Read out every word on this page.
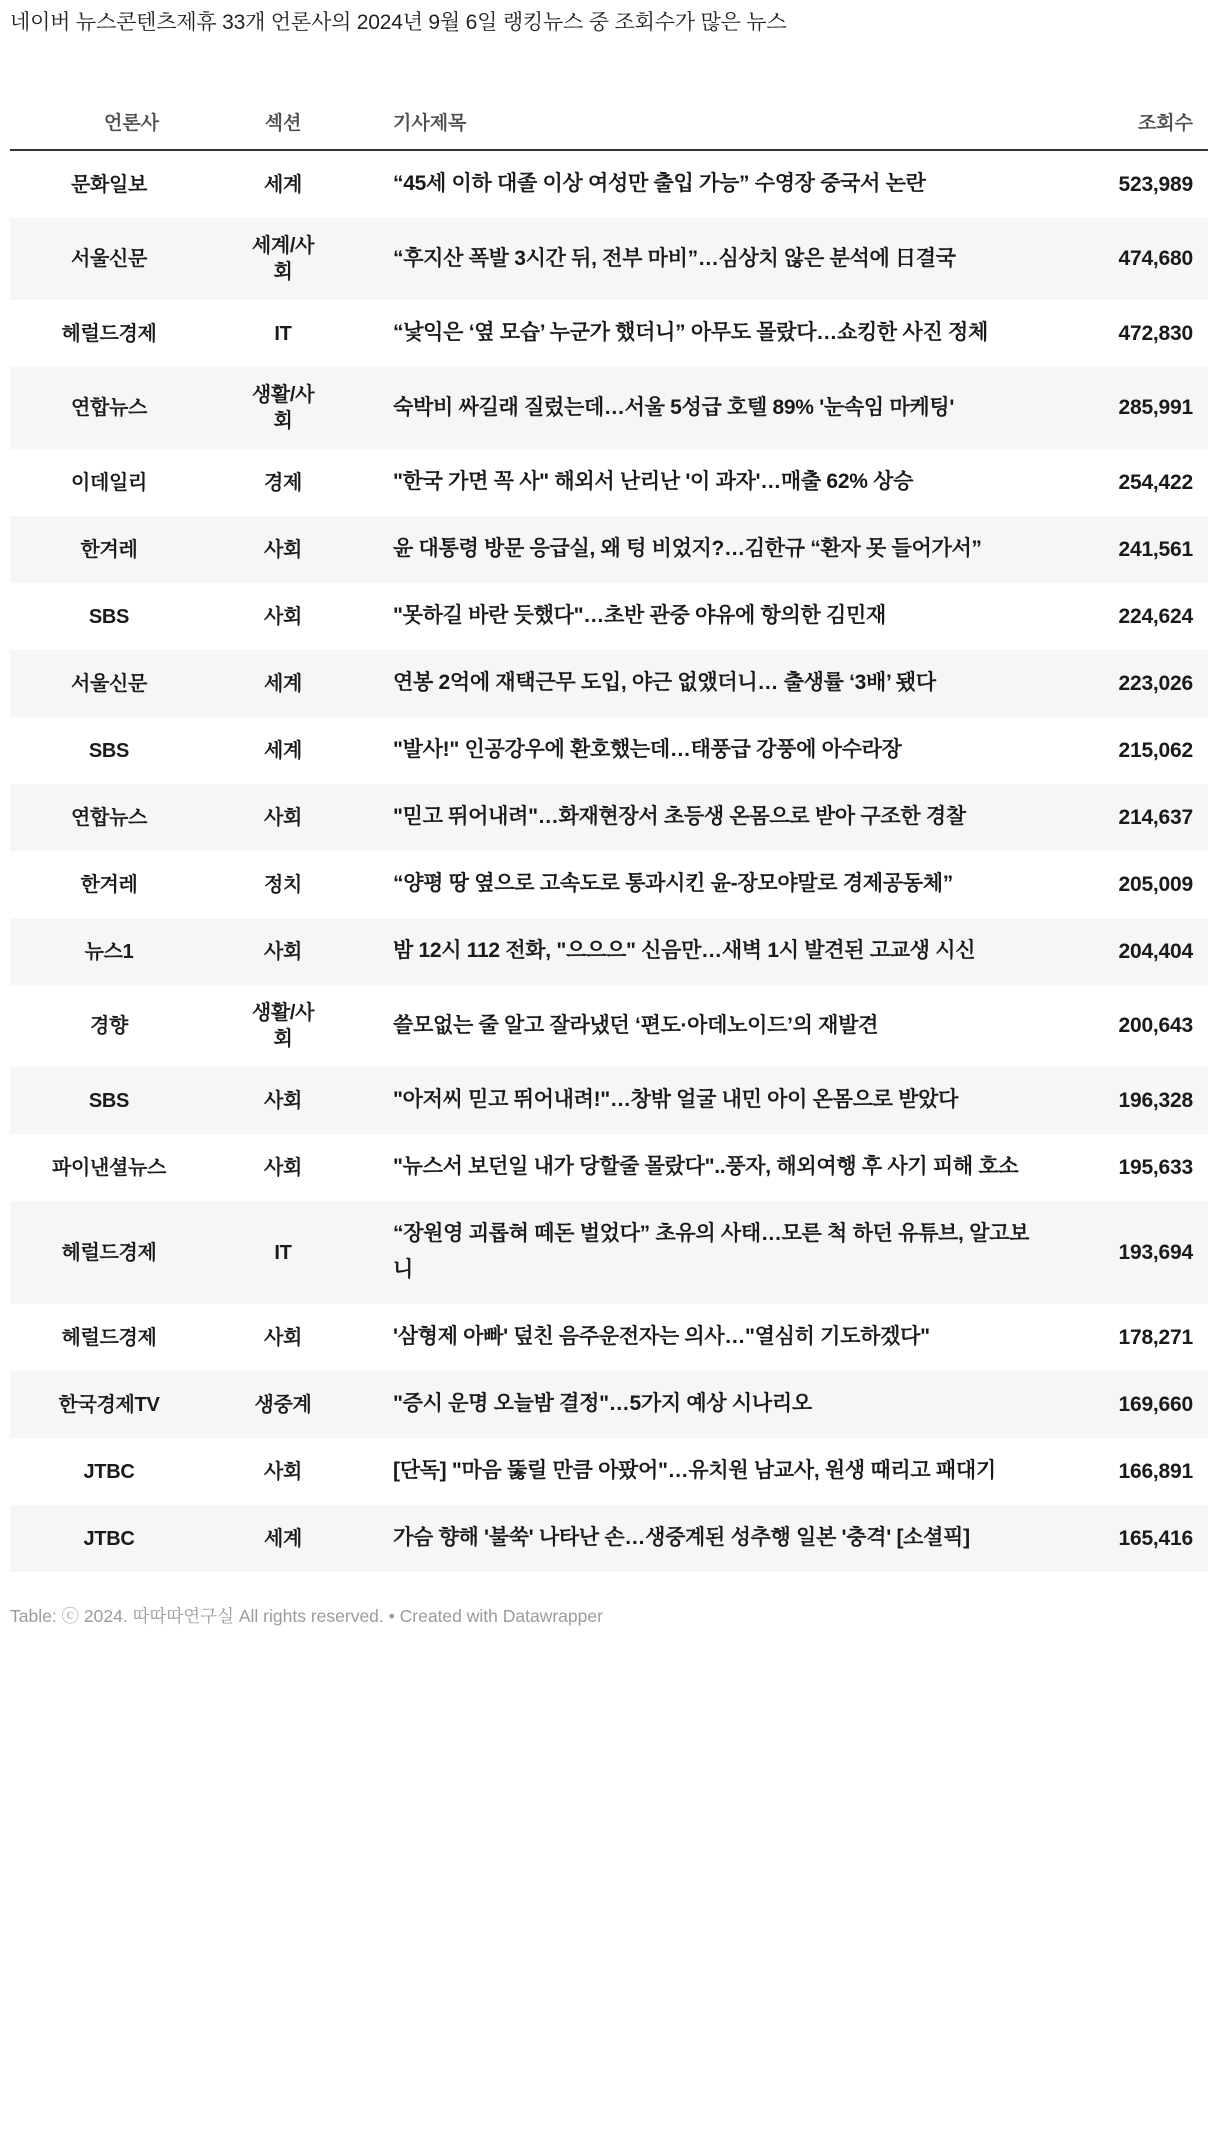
네이버 뉴스콘텐츠제휴 33개 언론사의 2024년 9월 6일 랭킹뉴스 중 조회수가 많은 뉴스
언론사	섹션	기사제목	조회수
문화일보	세계	“45세 이하 대졸 이상 여성만 출입 가능” 수영장 중국서 논란	523,989
서울신문	세계/사회	“후지산 폭발 3시간 뒤, 전부 마비”…심상치 않은 분석에 日결국	474,680
헤럴드경제	IT	“낯익은 ‘옆 모습’ 누군가 했더니” 아무도 몰랐다…쇼킹한 사진 정체	472,830
연합뉴스	생활/사회	숙박비 싸길래 질렀는데…서울 5성급 호텔 89% '눈속임 마케팅'	285,991
이데일리	경제	"한국 가면 꼭 사" 해외서 난리난 '이 과자'…매출 62% 상승	254,422
한겨레	사회	윤 대통령 방문 응급실, 왜 텅 비었지?…김한규 “환자 못 들어가서”	241,561
SBS	사회	"못하길 바란 듯했다"…초반 관중 야유에 항의한 김민재	224,624
서울신문	세계	연봉 2억에 재택근무 도입, 야근 없앴더니… 출생률 ‘3배’ 됐다	223,026
SBS	세계	"발사!" 인공강우에 환호했는데…태풍급 강풍에 아수라장	215,062
연합뉴스	사회	"믿고 뛰어내려"…화재현장서 초등생 온몸으로 받아 구조한 경찰	214,637
한겨레	정치	“양평 땅 옆으로 고속도로 통과시킨 윤-장모야말로 경제공동체”	205,009
뉴스1	사회	밤 12시 112 전화, "으으으" 신음만…새벽 1시 발견된 고교생 시신	204,404
경향	생활/사회	쓸모없는 줄 알고 잘라냈던 ‘편도·아데노이드’의 재발견	200,643
SBS	사회	"아저씨 믿고 뛰어내려!"…창밖 얼굴 내민 아이 온몸으로 받았다	196,328
파이낸셜뉴스	사회	"뉴스서 보던일 내가 당할줄 몰랐다"..풍자, 해외여행 후 사기 피해 호소	195,633
헤럴드경제	IT	“장원영 괴롭혀 떼돈 벌었다” 초유의 사태…모른 척 하던 유튜브, 알고보니	193,694
헤럴드경제	사회	'삼형제 아빠' 덮친 음주운전자는 의사…"열심히 기도하겠다"	178,271
한국경제TV	생중계	"증시 운명 오늘밤 결정"…5가지 예상 시나리오	169,660
JTBC	사회	[단독] "마음 뚫릴 만큼 아팠어"…유치원 남교사, 원생 때리고 패대기	166,891
JTBC	세계	가슴 향해 '불쑥' 나타난 손…생중계된 성추행 일본 '충격' [소셜픽]	165,416

Table: ⓒ 2024. 따따따연구실 All rights reserved. • Created with Datawrapper
